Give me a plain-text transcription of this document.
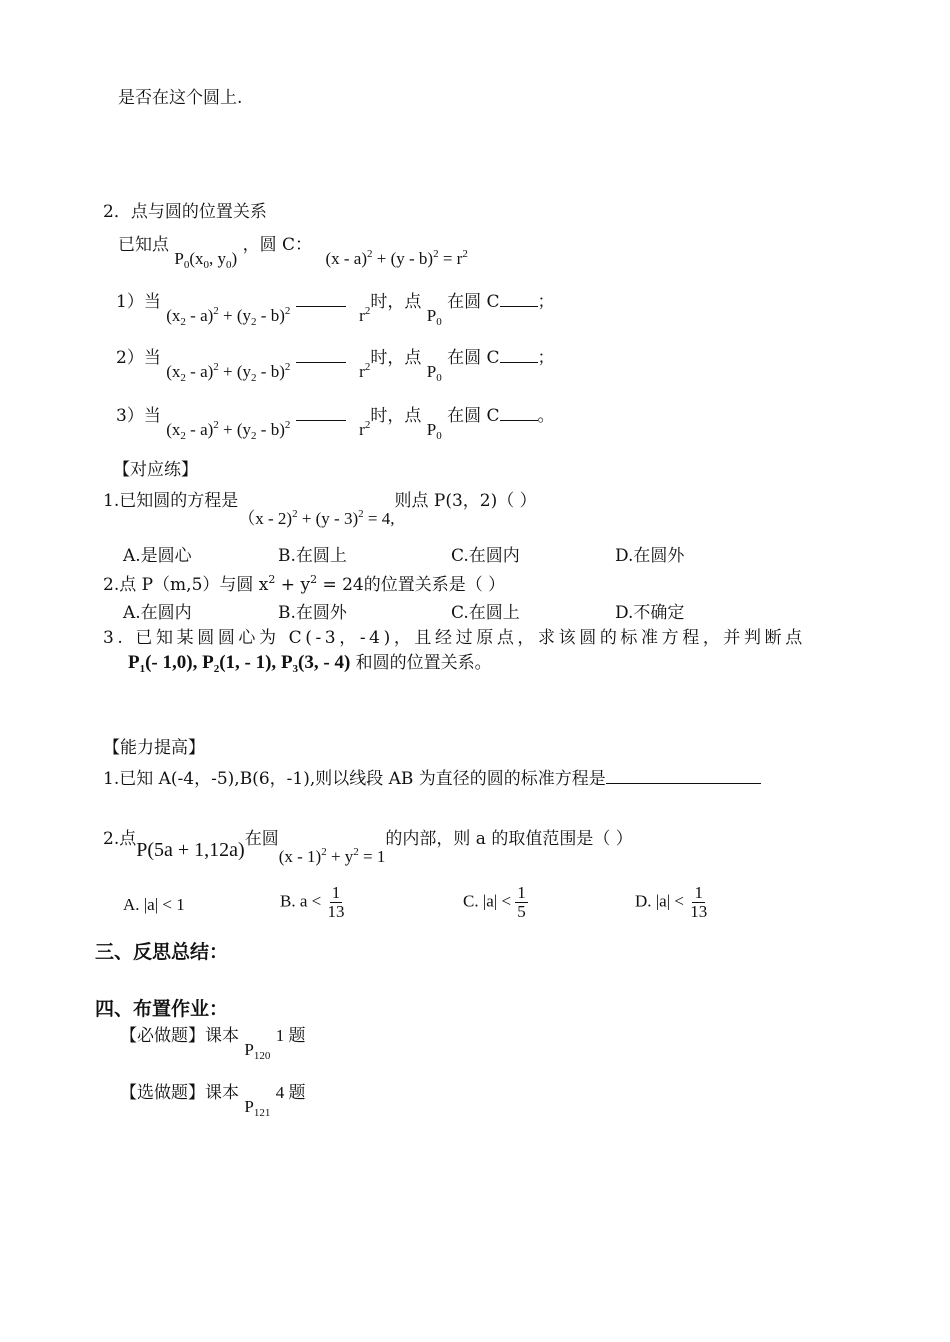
是否在这个圆上.
2．点与圆的位置关系
已知点 $P_0(x_0$, $y_0$) ，圆 C： $(x - a)^2 + (y - b)^2 = r^2$
1）当 $(x_2 - a)^2 + (y_2 - b)^2$	$r^2$时，点 $P_0$ 在圆 C ；
2）当 $(x_2 - a)^2 + (y_2 - b)^2$	$r^2$时，点 $P_0$ 在圆 C ；
3）当 $(x_2 - a)^2 + (y_2 - b)^2$	$r^2$时，点 $P_0$ 在圆 C 。
【对应练】
1.已知圆的方程是（x - 2)$^2$ + (y - 3)$^2$ = 4,则点 P(3，2)（ ）
A.是圆心	B.在圆上	C.在圆内	D.在圆外
2.点 P（m,5）与圆 $x^2 + y^2 = 24$的位置关系是（ ）
A.在圆内	B.在圆外	C.在圆上	D.不确定
3. 已知某圆圆心为 C(-3，-4)，且经过原点，求该圆的标准方程，并判断点
$P_1(-$ 1,0), $P_2(1$, - 1), $P_3(3$, - 4) 和圆的位置关系。
【能力提高】
1.已知 A(-4，-5),B(6，-1),则以线段 AB 为直径的圆的标准方程是
2.点P(5a + 1,12a)在圆$(x - 1)^2 + y^2 = 1$的内部，则 a 的取值范围是（ ）
A. |a| < 1	B. $a < \frac{1}{13}$	C. $|a| < \frac{1}{5}$	D. $|a| < \frac{1}{13}$
三、反思总结：
四、布置作业：
【必做题】课本 $P_{120}$ 1 题
【选做题】课本 $P_{121}$ 4 题
